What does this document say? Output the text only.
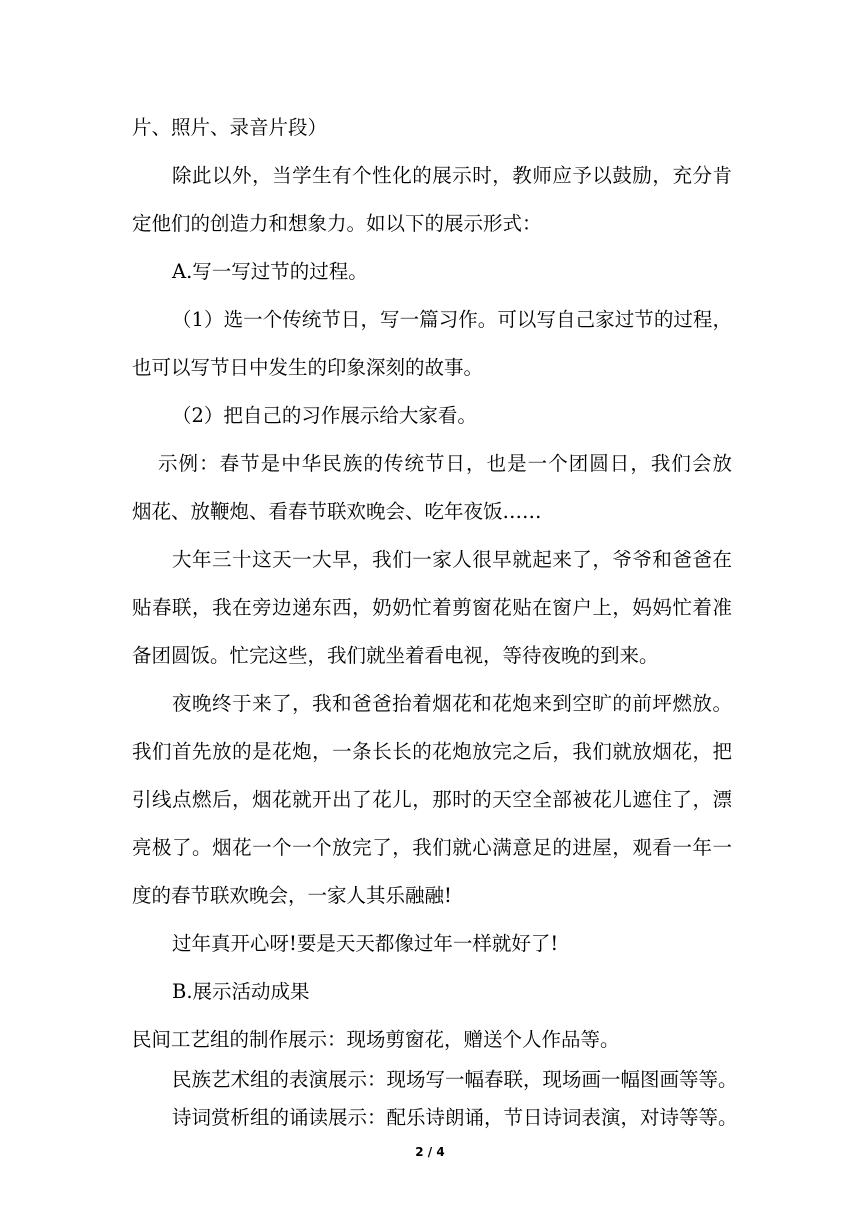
片、照片、录音片段）
除此以外，当学生有个性化的展示时，教师应予以鼓励，充分肯
定他们的创造力和想象力。如以下的展示形式：
A.写一写过节的过程。
（1）选一个传统节日，写一篇习作。可以写自己家过节的过程，
也可以写节日中发生的印象深刻的故事。
（2）把自己的习作展示给大家看。
示例：春节是中华民族的传统节日，也是一个团圆日，我们会放
烟花、放鞭炮、看春节联欢晚会、吃年夜饭……
大年三十这天一大早，我们一家人很早就起来了，爷爷和爸爸在
贴春联，我在旁边递东西，奶奶忙着剪窗花贴在窗户上，妈妈忙着准
备团圆饭。忙完这些，我们就坐着看电视，等待夜晚的到来。
夜晚终于来了，我和爸爸抬着烟花和花炮来到空旷的前坪燃放。
我们首先放的是花炮，一条长长的花炮放完之后，我们就放烟花，把
引线点燃后，烟花就开出了花儿，那时的天空全部被花儿遮住了，漂
亮极了。烟花一个一个放完了，我们就心满意足的进屋，观看一年一
度的春节联欢晚会，一家人其乐融融!
过年真开心呀!要是天天都像过年一样就好了!
B.展示活动成果
民间工艺组的制作展示：现场剪窗花，赠送个人作品等。
民族艺术组的表演展示：现场写一幅春联，现场画一幅图画等等。
诗词赏析组的诵读展示：配乐诗朗诵，节日诗词表演，对诗等等。
2 / 4
